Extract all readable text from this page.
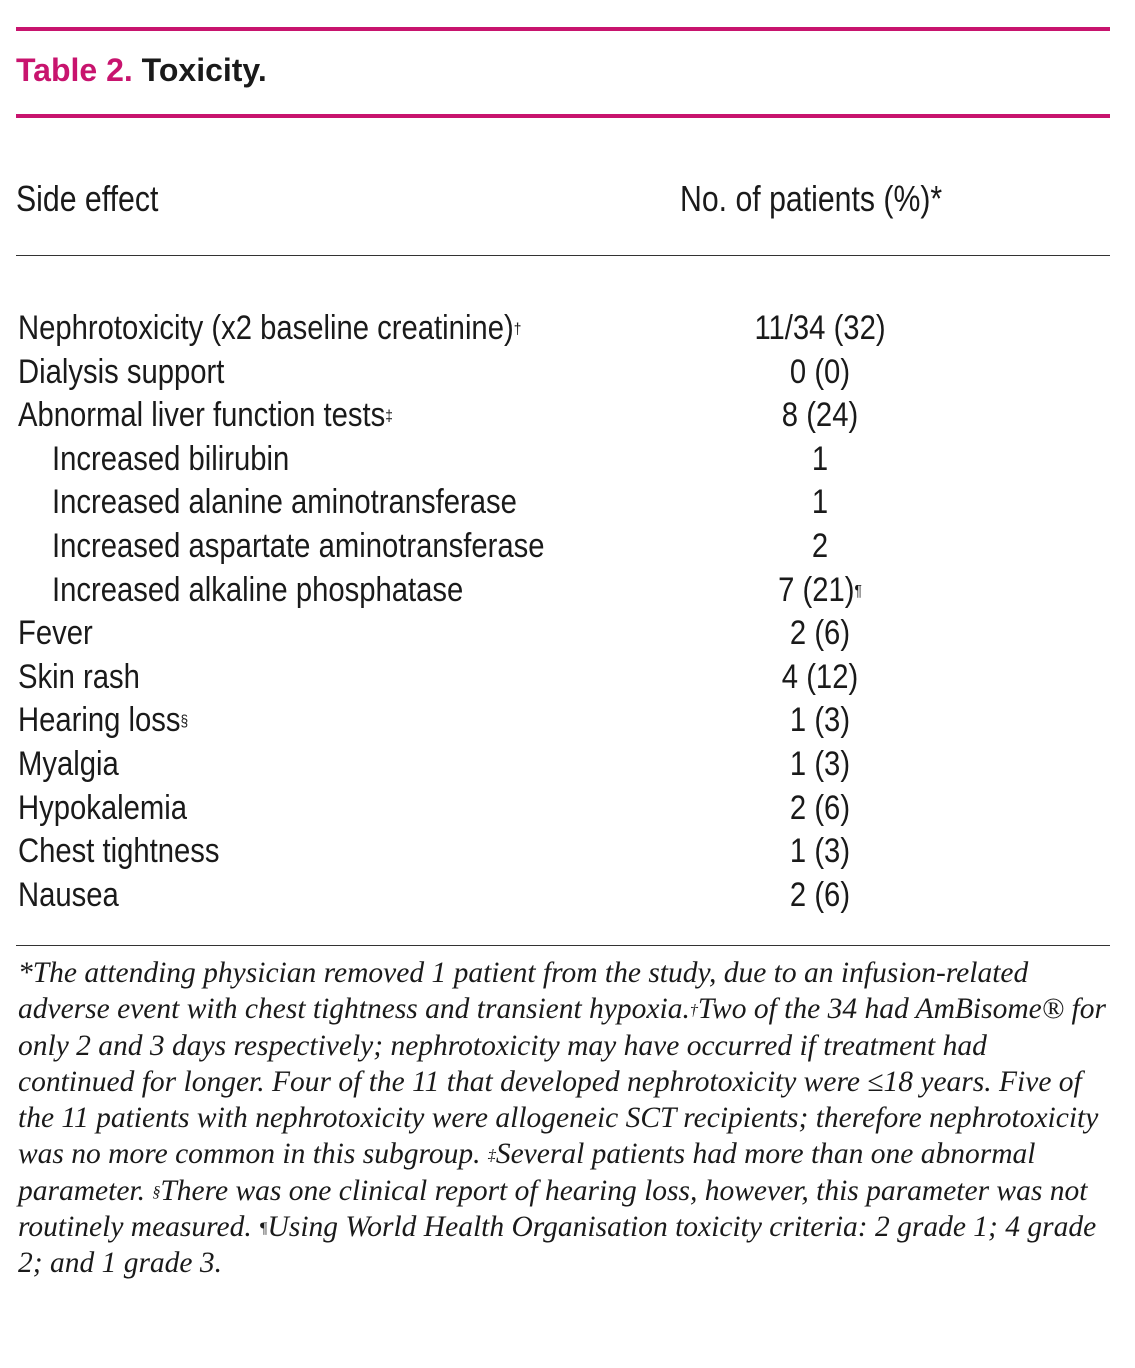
Table 2. Toxicity.
Side effect	No. of patients (%)*
Nephrotoxicity (x2 baseline creatinine)†	11/34 (32)
Dialysis support	0 (0)
Abnormal liver function tests‡	8 (24)
Increased bilirubin	1
Increased alanine aminotransferase	1
Increased aspartate aminotransferase	2
Increased alkaline phosphatase	7 (21)¶
Fever	2 (6)
Skin rash	4 (12)
Hearing loss§	1 (3)
Myalgia	1 (3)
Hypokalemia	2 (6)
Chest tightness	1 (3)
Nausea	2 (6)

*The attending physician removed 1 patient from the study, due to an infusion-related adverse event with chest tightness and transient hypoxia.

†

Two of the 34 had AmBisome® for only 2 and 3 days respectively; nephrotoxicity may have occurred if treatment had continued for longer. Four of the 11 that developed nephrotoxicity were ≤18 years. Five of the 11 patients with nephrotoxicity were allogeneic SCT recipients; therefore nephrotoxicity was no more common in this subgroup. ‡

Several patients had more than one abnormal parameter. §

There was one clinical report of hearing loss, however, this parameter was not routinely measured. ¶

Using World Health Organisation toxicity criteria: 2 grade 1; 4 grade 2; and 1 grade 3.
